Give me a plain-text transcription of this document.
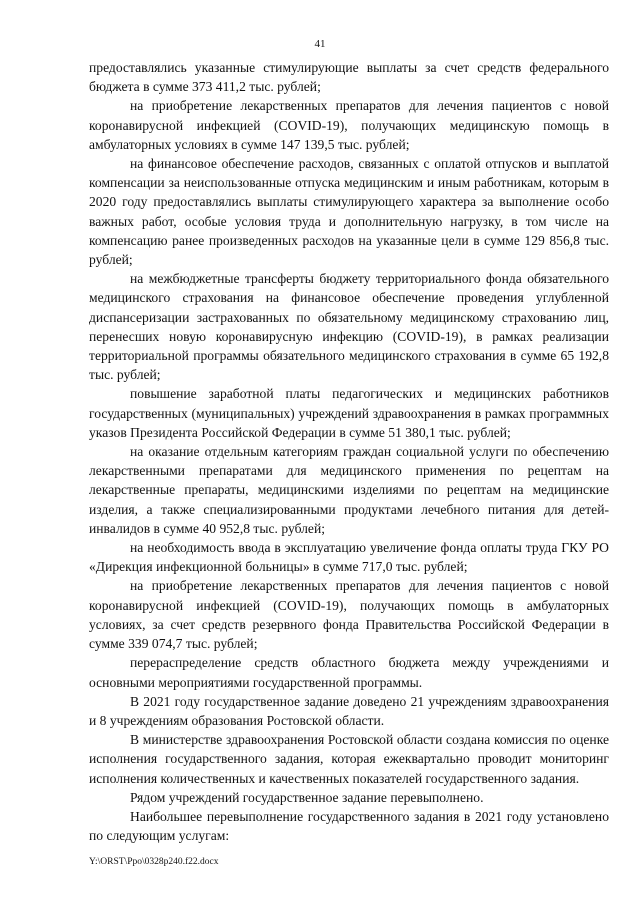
41

предоставлялись указанные стимулирующие выплаты за счет средств федерального бюджета в сумме 373 411,2 тыс. рублей;

на приобретение лекарственных препаратов для лечения пациентов с новой коронавирусной инфекцией (COVID-19), получающих медицинскую помощь в амбулаторных условиях в сумме 147 139,5 тыс. рублей;

на финансовое обеспечение расходов, связанных с оплатой отпусков и выплатой компенсации за неиспользованные отпуска медицинским и иным работникам, которым в 2020 году предоставлялись выплаты стимулирующего характера за выполнение особо важных работ, особые условия труда и дополнительную нагрузку, в том числе на компенсацию ранее произведенных расходов на указанные цели в сумме 129 856,8 тыс. рублей;

на межбюджетные трансферты бюджету территориального фонда обязательного медицинского страхования на финансовое обеспечение проведения углубленной диспансеризации застрахованных по обязательному медицинскому страхованию лиц, перенесших новую коронавирусную инфекцию (COVID-19), в рамках реализации территориальной программы обязательного медицинского страхования в сумме 65 192,8 тыс. рублей;

повышение заработной платы педагогических и медицинских работников государственных (муниципальных) учреждений здравоохранения в рамках программных указов Президента Российской Федерации в сумме 51 380,1 тыс. рублей;

на оказание отдельным категориям граждан социальной услуги по обеспечению лекарственными препаратами для медицинского применения по рецептам на лекарственные препараты, медицинскими изделиями по рецептам на медицинские изделия, а также специализированными продуктами лечебного питания для детей-инвалидов в сумме 40 952,8 тыс. рублей;

на необходимость ввода в эксплуатацию увеличение фонда оплаты труда ГКУ РО «Дирекция инфекционной больницы» в сумме 717,0 тыс. рублей;

на приобретение лекарственных препаратов для лечения пациентов с новой коронавирусной инфекцией (COVID-19), получающих помощь в амбулаторных условиях, за счет средств резервного фонда Правительства Российской Федерации в сумме 339 074,7 тыс. рублей;

перераспределение средств областного бюджета между учреждениями и основными мероприятиями государственной программы.

В 2021 году государственное задание доведено 21 учреждениям здравоохранения и 8 учреждениям образования Ростовской области.

В министерстве здравоохранения Ростовской области создана комиссия по оценке исполнения государственного задания, которая ежеквартально проводит мониторинг исполнения количественных и качественных показателей государственного задания.

Рядом учреждений государственное задание перевыполнено.

Наибольшее перевыполнение государственного задания в 2021 году установлено по следующим услугам:

Y:\ORST\Ppo\0328p240.f22.docx
